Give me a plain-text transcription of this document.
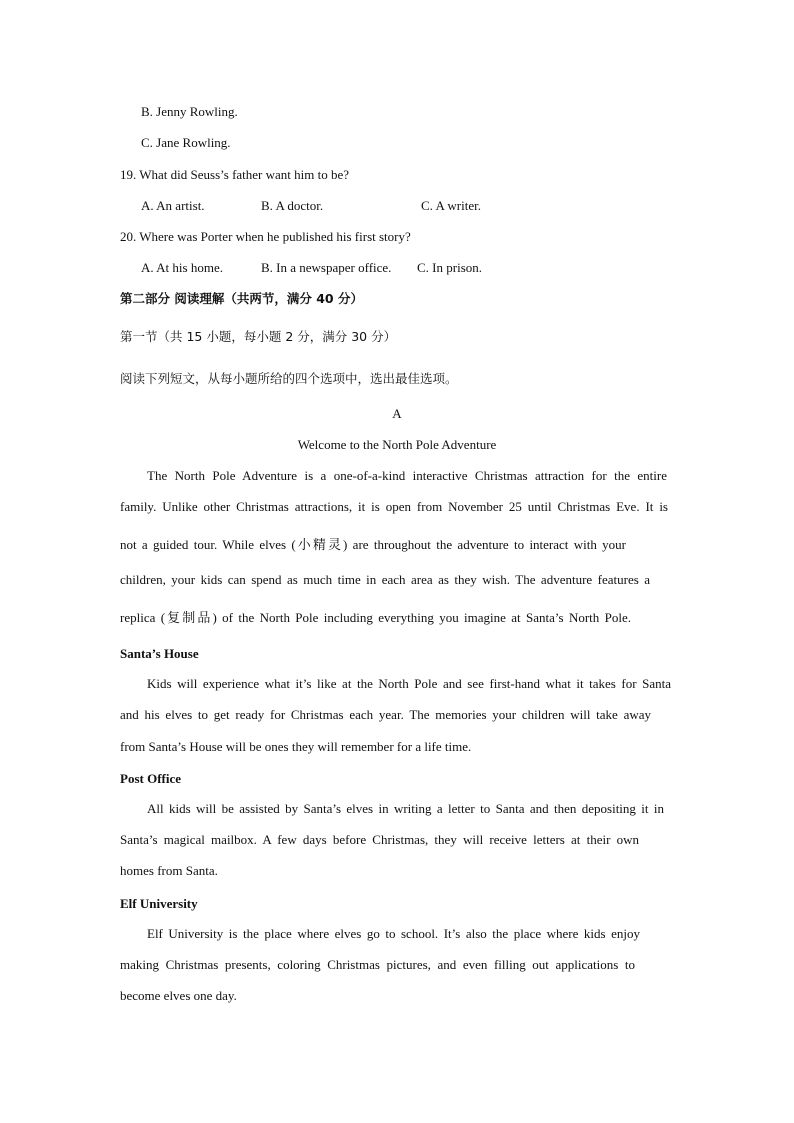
B. Jenny Rowling.
C. Jane Rowling.
19. What did Seuss’s father want him to be?
A. An artist.	B. A doctor.	C. A writer.
20. Where was Porter when he published his first story?
A. At his home.	B. In a newspaper office. C. In prison.
第二部分 阅读理解（共两节，满分 40 分）
第一节（共 15 小题，每小题 2 分，满分 30 分）
阅读下列短文，从每小题所给的四个选项中，选出最佳选项。
A
Welcome to the North Pole Adventure
The North Pole Adventure is a one-of-a-kind interactive Christmas attraction for the entire
family. Unlike other Christmas attractions, it is open from November 25 until Christmas Eve. It is
not a guided tour. While elves (小精灵) are throughout the adventure to interact with your
children, your kids can spend as much time in each area as they wish. The adventure features a
replica (复制品) of the North Pole including everything you imagine at Santa’s North Pole.
Santa’s House
Kids will experience what it’s like at the North Pole and see first-hand what it takes for Santa
and his elves to get ready for Christmas each year. The memories your children will take away
from Santa’s House will be ones they will remember for a life time.
Post Office
All kids will be assisted by Santa’s elves in writing a letter to Santa and then depositing it in
Santa’s magical mailbox. A few days before Christmas, they will receive letters at their own
homes from Santa.
Elf University
Elf University is the place where elves go to school. It’s also the place where kids enjoy
making Christmas presents, coloring Christmas pictures, and even filling out applications to
become elves one day.
